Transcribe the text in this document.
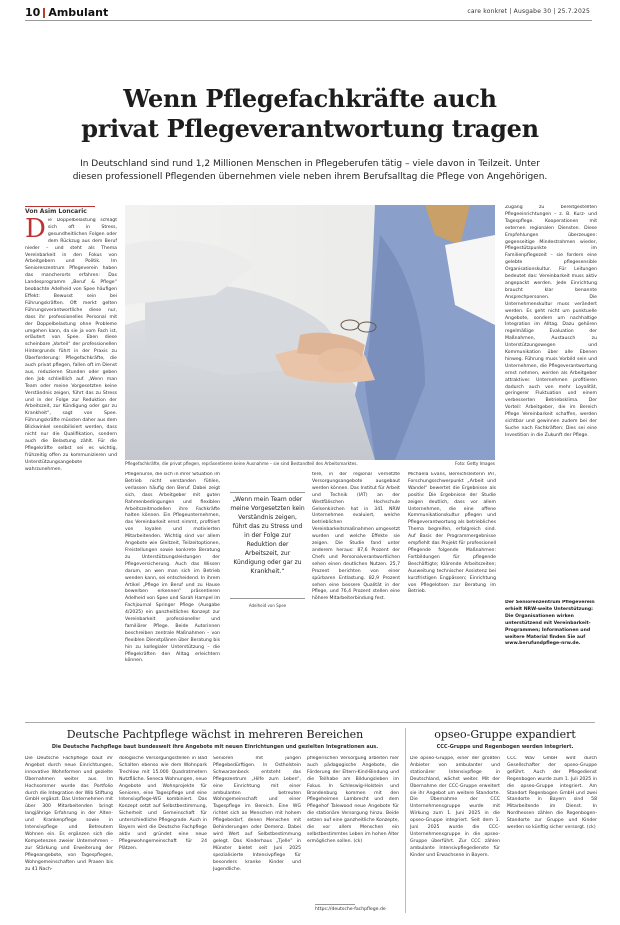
10 Ambulant	care konkret | Ausgabe 30 | 25.7.2025
Wenn Pflegefachkräfte auch
privat Pflegeverantwortung tragen
In Deutschland sind rund 1,2 Millionen Menschen in Pflegeberufen tätig – viele davon in Teilzeit. Unter
diesen professionell Pflegenden übernehmen viele neben ihrem Berufsalltag die Pflege von Angehörigen.
Von Asim Loncaric
D ie Doppelbelastung schlägt sich oft in Stress, gesundheitlichen Folgen oder dem Rückzug aus dem Beruf nieder – und steht als Thema Vereinbarkeit in den Fokus von Arbeitgebern und Politik. Im Seniorenzentrum Pflegeverein haben das mancherorts erfahren: Das Landesprogramm „Beruf & Pflege“ beobachte Adelheid von Spee häufigen Effekt: Bewusst sein bei Führungskräften. Oft merkt gelten Führungsverantwortliche diese nur, dass ihr professionelles Personal mit der Doppelbelastung ohne Probleme umgehen kann, da sie ja vom Fach ist, erläutert von Spee. Eben diese scheinbare „Vorteil“ der professionellen Hintergrunds führt in der Praxis zu Überforderung: Pflegefachkräfte, die auch privat pflegen, fallen oft im Dienst aus, reduzieren Stunden oder geben den Job schließlich auf. „Wenn man Team oder meine Vorgesetzten keine Verständnis zeigen, führt das zu Stress und in der Folge zur Reduktion der Arbeitszeit, zur Kündigung oder gar zu Krankheit“, sagt von Spee. Führungskräfte müssten daher aus dem Blickwinkel sensibilisiert werden, dass nicht nur die Qualifikation, sondern auch die Belastung zählt. Für die Pflegekräfte selbst sei es wichtig, frühzeitig offen zu kommunizieren und Unterstützungsangebote wahrzunehmen.
Pflegefachkräfte, die privat pflegen, repräsentieren keine Ausnahme – sie sind Bestandteil des Arbeitsmarktes.	Foto: Getty Images
Pflegenurse, die sich in ihrer Situation im Betrieb nicht verstanden fühlen, verlassen häufig den Beruf. Dabei zeigt sich, dass Arbeitgeber mit guten Rahmenbedingungen und flexiblen Arbeitszeitmodellen ihre Fachkräfte halten können. Ein Pflegeunternehmen, das Vereinbarkeit ernst nimmt, profitiert von loyalen und motivierten Mitarbeitenden. Wichtig sind vor allem Angebote wie Gleitzeit, Teilzeitoptionen, Freistellungen sowie konkrete Beratung zu Unterstützungsleistungen der Pflegeversicherung. Auch das Wissen darum, an wen man sich im Betrieb wenden kann, sei entscheidend. In ihrem Artikel „Pflege im Beruf und zu Hause bewerben erkennen“ präsentieren Adelheid von Spee und Sarah Hampel im Fachjournal Springer Pflege (Ausgabe 4/2025) ein ganzheitliches Konzept zur Vereinbarkeit professioneller und familiärer Pflege. Beide Autorinnen beschreiben zentrale Maßnahmen – von flexiblen Dienstplänen über Beratung bis hin zu kollegialer Unterstützung – die Pflegekräften den Alltag erleichtern können.
„Wenn mein Team oder meine Vorgesetzten kein Verständnis zeigen, führt das zu Stress und in der Folge zur Reduktion der Arbeitszeit, zur Kündigung oder gar zu Krankheit.“
Adelheid von Spee
tere, in der regional vernetzte Versorgungsangebote ausgebaut werden können. Das Institut für Arbeit und Technik (IAT) an der Westfälischen Hochschule Gelsenkirchen hat in 341 NRW Unternehmen evaluiert, welche betrieblichen Vereinbarkeitsmaßnahmen umgesetzt wurden und welche Effekte sie zeigen. Die Studie fand unter anderem heraus: 87,6 Prozent der Chefs und Personalverantwortlichen sehen einen deutlichen Nutzen. 25,7 Prozent berichten von einer spürbaren Entlastung. 82,9 Prozent sehen eine bessere Qualität in der Pflege, und 76,4 Prozent stellen eine höhere Mitarbeiterbindung fest.
Michaela Evans, Bereichsleiterin IAT, Forschungsschwerpunkt „Arbeit und Wandel“ bewertet die Ergebnisse als positiv: Die Ergebnisse der Studie zeigen deutlich, dass vor allem Unternehmen, die eine offene Kommunikationskultur pflegen und Pflegeverantwortung als betriebliches Thema begreifen, erfolgreich sind. Auf Basis der Programmergebnisse empfiehlt das Projekt für professionell Pflegende folgende Maßnahmen: Fortbildungen für pflegende Beschäftigte; Klärende Arbeitszeiten; Ausweitung technischer Assistenz bei kurzfristigen Engpässen; Einrichtung von Pflegelotsen zur Beratung im Betrieb.
Zugang zu bereitgestellten Pflegeeinrichtungen – z. B. Kurz- und Tagespflege. Kooperationen mit externen regionalen Diensten. Diese Empfehlungen überzeugen: gegenseitige Mindestrahmen wieder, Pflegestützpunkte im Familienpflegezeit – sie fordern eine gelebte pflegesensible Organisationskultur. Für Leitungen bedeutet das: Vereinbarkeit muss aktiv angepackt werden. Jede Einrichtung braucht klar benannte Ansprechpersonen. Die Unternehmenskultur muss verändert werden. Es geht nicht um punktuelle Angebote, sondern um nachhaltige Integration im Alltag. Dazu gehören regelmäßige Evaluation der Maßnahmen, Austausch zu Unterstützungswegen und Kommunikation über alle Ebenen hinweg. Führung muss Vorbild sein und Unternehmen, die Pflegeverantwortung ernst nehmen, werden als Arbeitgeber attraktiver. Unternehmen profitieren dadurch auch von mehr Loyalität, geringerer Fluktuation und einem verbesserten Betriebsklima. Der Vorteil: Arbeitgeber, die im Bereich Pflege Vereinbarkeit schaffen, werden sichtbar und gewinnen zudem bei der Suche nach Fachkräften: Dies sei eine Investition in die Zukunft der Pflege.
Der Seniorenzentrum Pflegeverein erhielt NRW-weite Unterstützung: Die Organisationen wirken unterstützend mit Vereinbarkeit-Programmen; Informationen und weitere Material finden Sie auf www.berufundpflege-nrw.de.
Deutsche Pachtpflege wächst in mehreren Bereichen
Die Deutsche Fachpflege baut bundesweit ihre Angebote mit neuen Einrichtungen und gezielten Integrationen aus.
Die Deutsche Fachpflege baut ihr Angebot durch neue Einrichtungen, innovative Wohnformen und gezielte Übernahmen weiter aus. Im Hochsommer wurde das Portfolio durch die Integration der Wib Stiftung GmbH ergänzt. Das Unternehmen mit über 300 Mitarbeitenden bringt langjährige Erfahrung in der Alten- und Krankenpflege sowie in Intensivpflege und Betreutem Wohnen ein. Es ergänzen sich die Kompetenzen zweier Unternehmen – zur Stärkung und Erweiterung der Pflegeangebote, von Tagespflegen, Wohngemeinschaften und Praxen bis zu 41 Nach-
dologische Versorgungsstellen in Bad Schalten ebenso wie dem Wohnpark Trechlow mit 15.000 Quadratmetern Nutzfläche. Seneca Wohnungen, neue Angebote und Wohnprojekte für Senioren, eine Tagespflege und eine Intensivpflege-WG kombiniert. Das Konzept setzt auf Selbstbestimmung, Sicherheit und Gemeinschaft für unterschiedliche Pflegegrade. Auch in Bayern wird die Deutsche Fachpflege aktiv und gründet eine neue Pflegewohngemeinschaft für 24 Plätzen.
Senioren mit jungen Pflegebedürftigen. In Ostholstein Schwarzenbeck entsteht das Pflegezentrum „Hilfe zum Leben“, eine Einrichtung mit einer ambulanten betreuten Wohngemeinschaft und einer Tagespflege im Bereich. Eine WG richtet sich an Menschen mit hohem Pflegebedarf, denen Menschen mit Behinderungen oder Demenz. Dabei wird Wert auf Selbstbestimmung gelegt. Das Kinderhaus „Tjelle“ in Münster bietet seit Juni 2025 spezialisierte Intensivpflege für besonders kranke Kinder und Jugendliche.
pflegerischen Versorgung arbeiten hier auch pädagogische Angebote, die Förderung der Eltern-Kind-Bindung und die Teilhabe am Bildungsleben im Fokus. In Schleswig-Holstein und Brandenburg kommen mit den Pflegeheimen Lambrecht und dem Pflegehof Talewood neue Angebote für die stationäre Versorgung hinzu. Beide setzen auf eine ganzheitliche Konzepte, die vor allem Menschen ein selbstbestimmtes Leben im hohen Alter ermöglichen sollen. (ck)
https://deutsche-fachpflege.de
opseo-Gruppe expandiert
CCC-Gruppe und Regenbogen werden integriert.
Die opseo-Gruppe, einer der größten Anbieter von ambulanter und stationärer Intensivpflege in Deutschland, wächst weiter. Mit der Übernahme der CCC-Gruppe erweitert sie ihr Angebot um weitere Standorte. Die Übernahme der CCC Unternehmensgruppe wurde mit Wirkung zum 1. Juni 2025 in die opseo-Gruppe integriert. Seit dem 1. Juni 2025 wurde die CCC-Unternehmensgruppe in die opseo-Gruppe überführt. Zur CCC zählen ambulante Intensivpflegedienste für Kinder und Erwachsene in Bayern.
CCC Wav GmbH wird durch Gesellschafter der opseo-Gruppe geführt. Auch der Pflegedienst Regenbogen wurde zum 1. Juli 2025 in die opseo-Gruppe integriert. Am Standort Regenbogen GmbH und zwei Standorte in Bayern sind 58 Mitarbeitende im Dienst. In Nordhessen zählen die Regenbogen-Standorte zur Gruppe und Kinder werden so künftig sicher versorgt. (ck)
